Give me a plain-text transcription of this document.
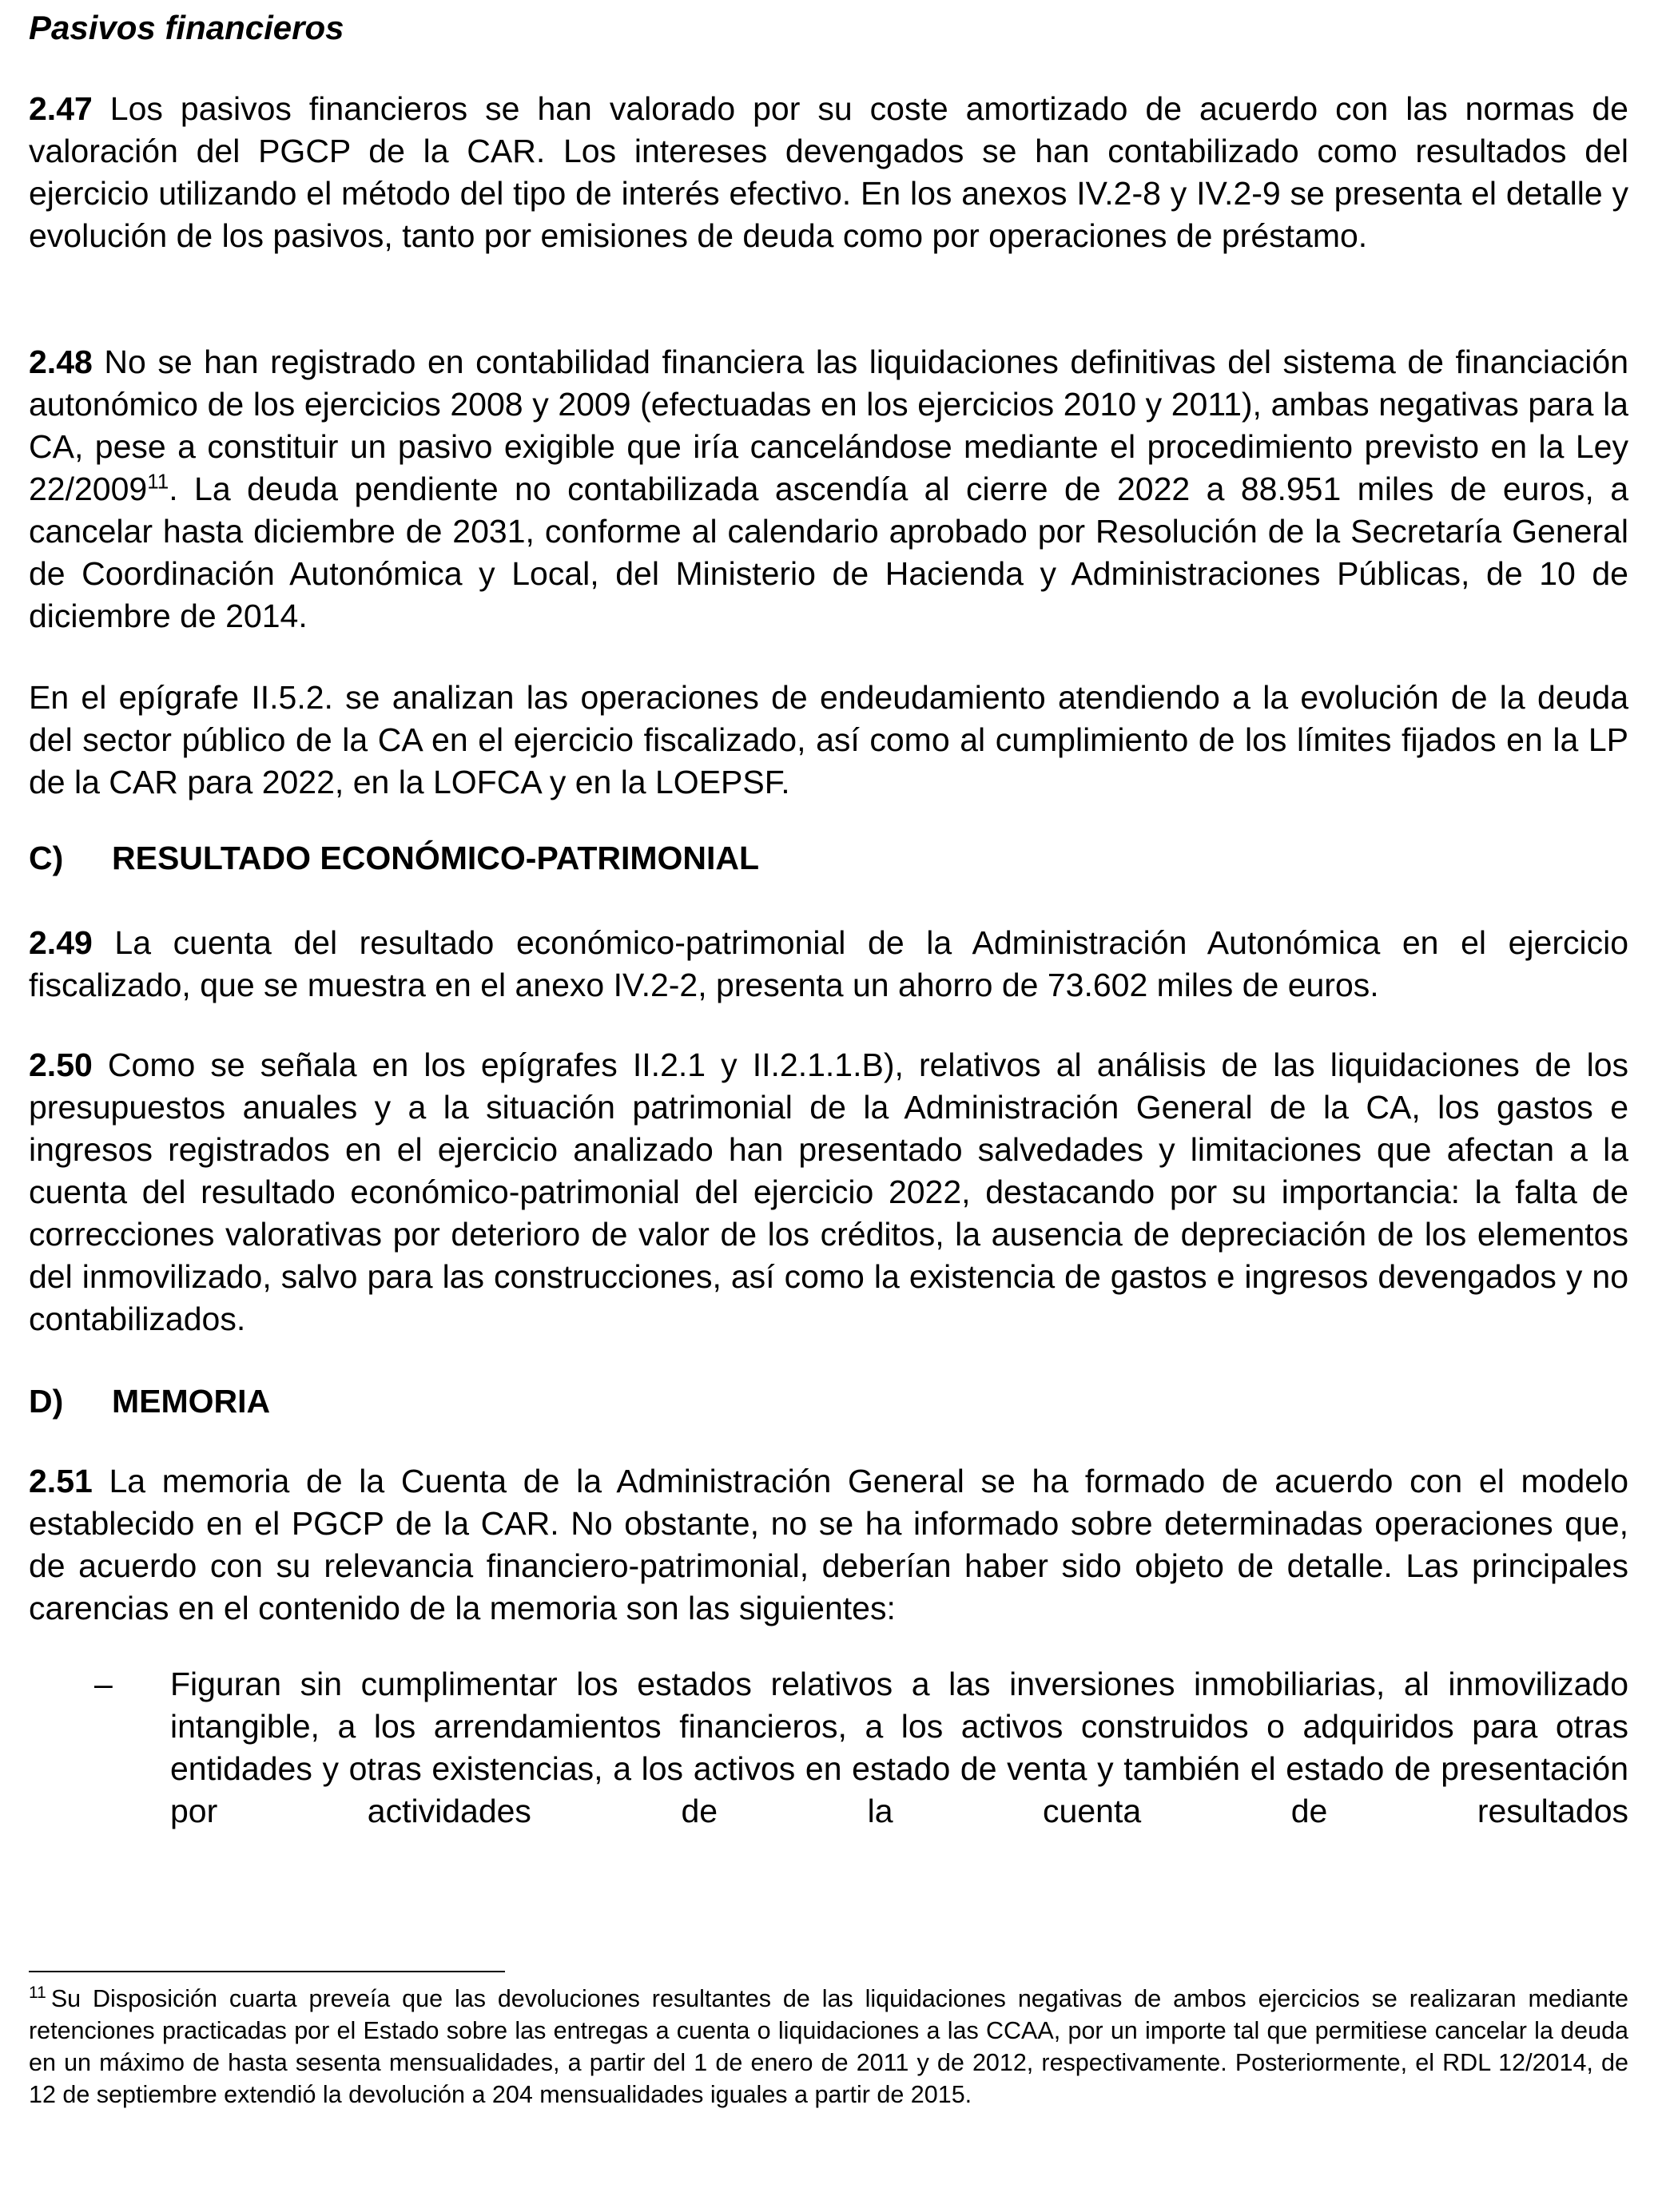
Pasivos financieros

2.47 Los pasivos financieros se han valorado por su coste amortizado de acuerdo con las normas de valoración del PGCP de la CAR. Los intereses devengados se han contabilizado como resultados del ejercicio utilizando el método del tipo de interés efectivo. En los anexos IV.2-8 y IV.2-9 se presenta el detalle y evolución de los pasivos, tanto por emisiones de deuda como por operaciones de préstamo.

2.48 No se han registrado en contabilidad financiera las liquidaciones definitivas del sistema de financiación autonómico de los ejercicios 2008 y 2009 (efectuadas en los ejercicios 2010 y 2011), ambas negativas para la CA, pese a constituir un pasivo exigible que iría cancelándose mediante el procedimiento previsto en la Ley 22/2009$^{11}$. La deuda pendiente no contabilizada ascendía al cierre de 2022 a 88.951 miles de euros, a cancelar hasta diciembre de 2031, conforme al calendario aprobado por Resolución de la Secretaría General de Coordinación Autonómica y Local, del Ministerio de Hacienda y Administraciones Públicas, de 10 de diciembre de 2014.

En el epígrafe II.5.2. se analizan las operaciones de endeudamiento atendiendo a la evolución de la deuda del sector público de la CA en el ejercicio fiscalizado, así como al cumplimiento de los límites fijados en la LP de la CAR para 2022, en la LOFCA y en la LOEPSF.

C) RESULTADO ECONÓMICO-PATRIMONIAL

2.49 La cuenta del resultado económico-patrimonial de la Administración Autonómica en el ejercicio fiscalizado, que se muestra en el anexo IV.2-2, presenta un ahorro de 73.602 miles de euros.

2.50 Como se señala en los epígrafes II.2.1 y II.2.1.1.B), relativos al análisis de las liquidaciones de los presupuestos anuales y a la situación patrimonial de la Administración General de la CA, los gastos e ingresos registrados en el ejercicio analizado han presentado salvedades y limitaciones que afectan a la cuenta del resultado económico-patrimonial del ejercicio 2022, destacando por su importancia: la falta de correcciones valorativas por deterioro de valor de los créditos, la ausencia de depreciación de los elementos del inmovilizado, salvo para las construcciones, así como la existencia de gastos e ingresos devengados y no contabilizados.

D) MEMORIA

2.51 La memoria de la Cuenta de la Administración General se ha formado de acuerdo con el modelo establecido en el PGCP de la CAR. No obstante, no se ha informado sobre determinadas operaciones que, de acuerdo con su relevancia financiero-patrimonial, deberían haber sido objeto de detalle. Las principales carencias en el contenido de la memoria son las siguientes:

– Figuran sin cumplimentar los estados relativos a las inversiones inmobiliarias, al inmovilizado intangible, a los arrendamientos financieros, a los activos construidos o adquiridos para otras entidades y otras existencias, a los activos en estado de venta y también el estado de presentación por actividades de la cuenta de resultados

$^{11}$ Su Disposición cuarta preveía que las devoluciones resultantes de las liquidaciones negativas de ambos ejercicios se realizaran mediante retenciones practicadas por el Estado sobre las entregas a cuenta o liquidaciones a las CCAA, por un importe tal que permitiese cancelar la deuda en un máximo de hasta sesenta mensualidades, a partir del 1 de enero de 2011 y de 2012, respectivamente. Posteriormente, el RDL 12/2014, de 12 de septiembre extendió la devolución a 204 mensualidades iguales a partir de 2015.
